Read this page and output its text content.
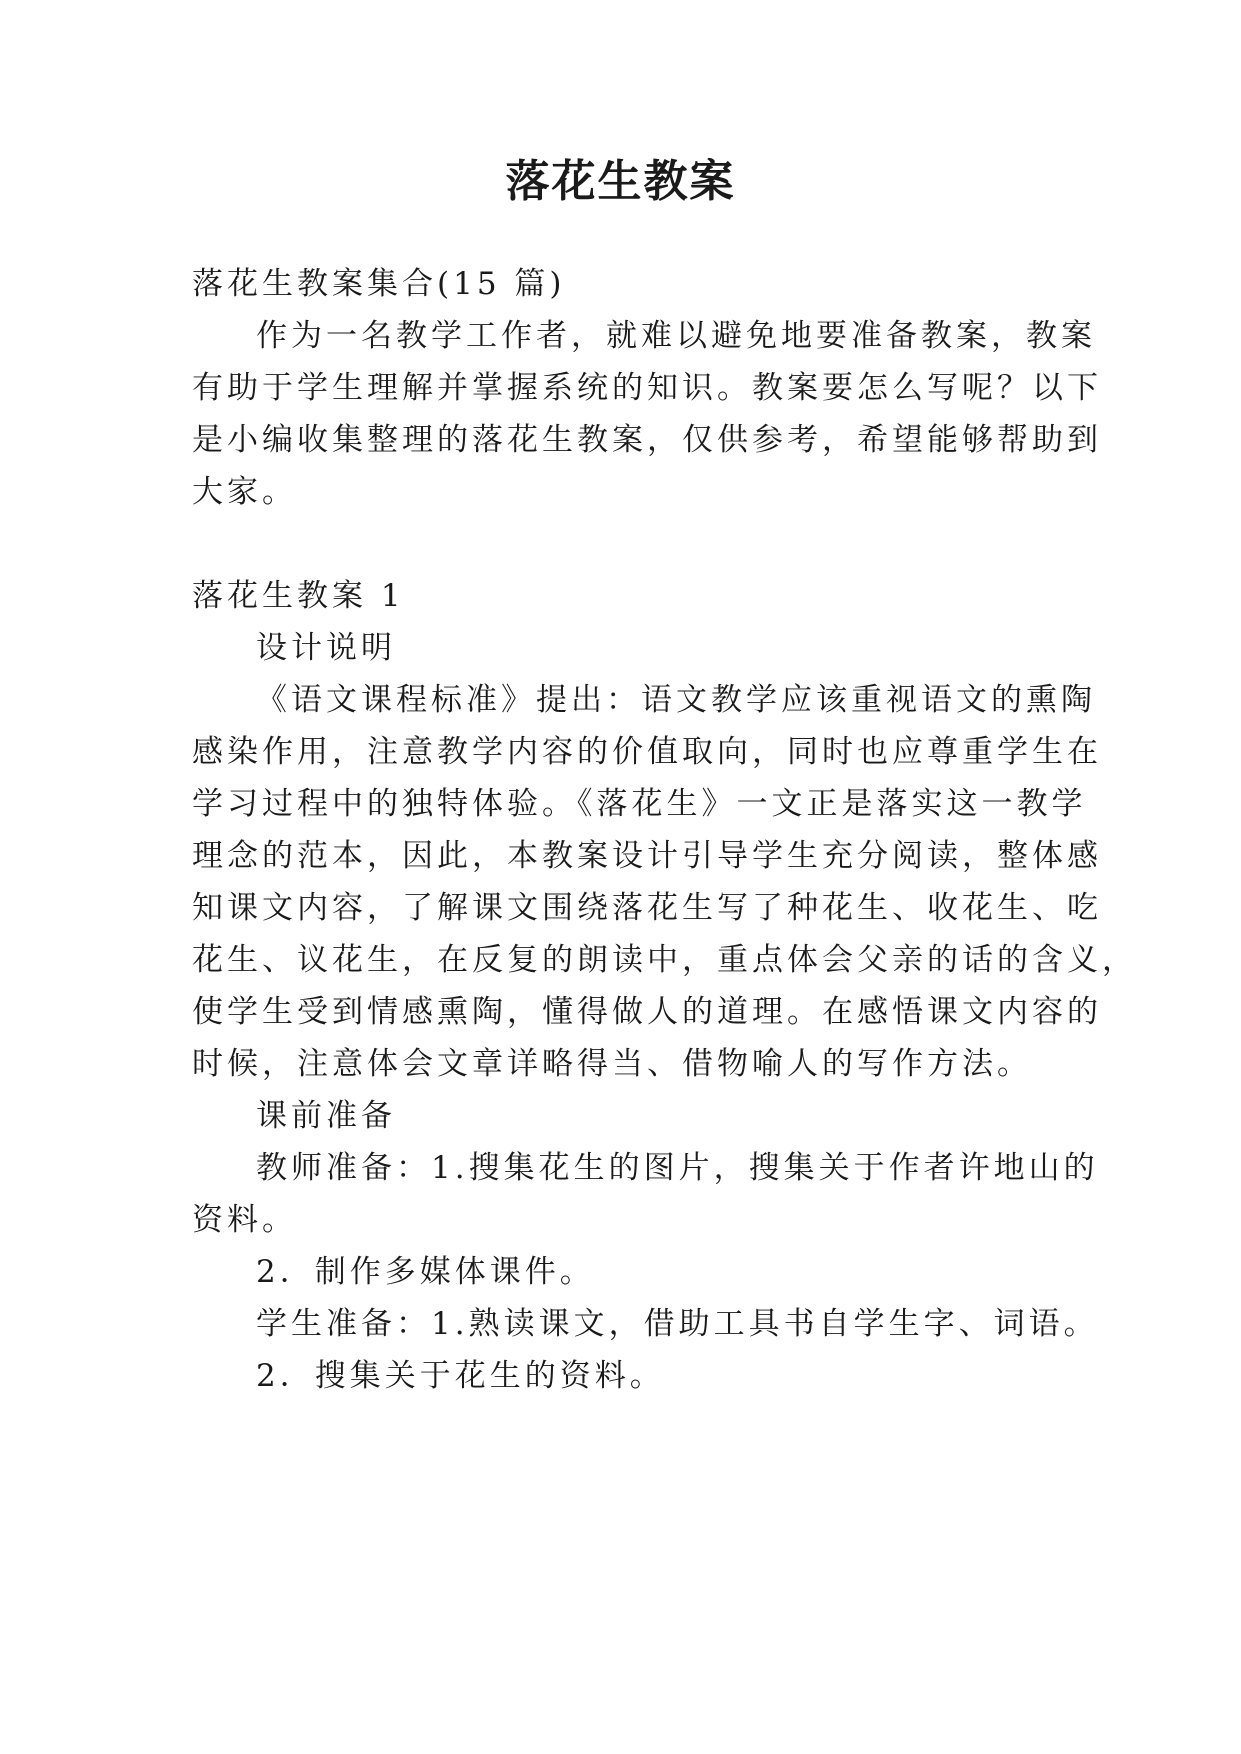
落花生教案

落花生教案集合(15 篇)

作为一名教学工作者，就难以避免地要准备教案，教案

有助于学生理解并掌握系统的知识。教案要怎么写呢？以下

是小编收集整理的落花生教案，仅供参考，希望能够帮助到

大家。

落花生教案 1

设计说明

《语文课程标准》提出：语文教学应该重视语文的熏陶

感染作用，注意教学内容的价值取向，同时也应尊重学生在

学习过程中的独特体验。《落花生》一文正是落实这一教学

理念的范本，因此，本教案设计引导学生充分阅读，整体感

知课文内容，了解课文围绕落花生写了种花生、收花生、吃

花生、议花生，在反复的朗读中，重点体会父亲的话的含义，

使学生受到情感熏陶，懂得做人的道理。在感悟课文内容的

时候，注意体会文章详略得当、借物喻人的写作方法。

课前准备

教师准备：1.搜集花生的图片，搜集关于作者许地山的

资料。

2．制作多媒体课件。

学生准备：1.熟读课文，借助工具书自学生字、词语。

2．搜集关于花生的资料。
